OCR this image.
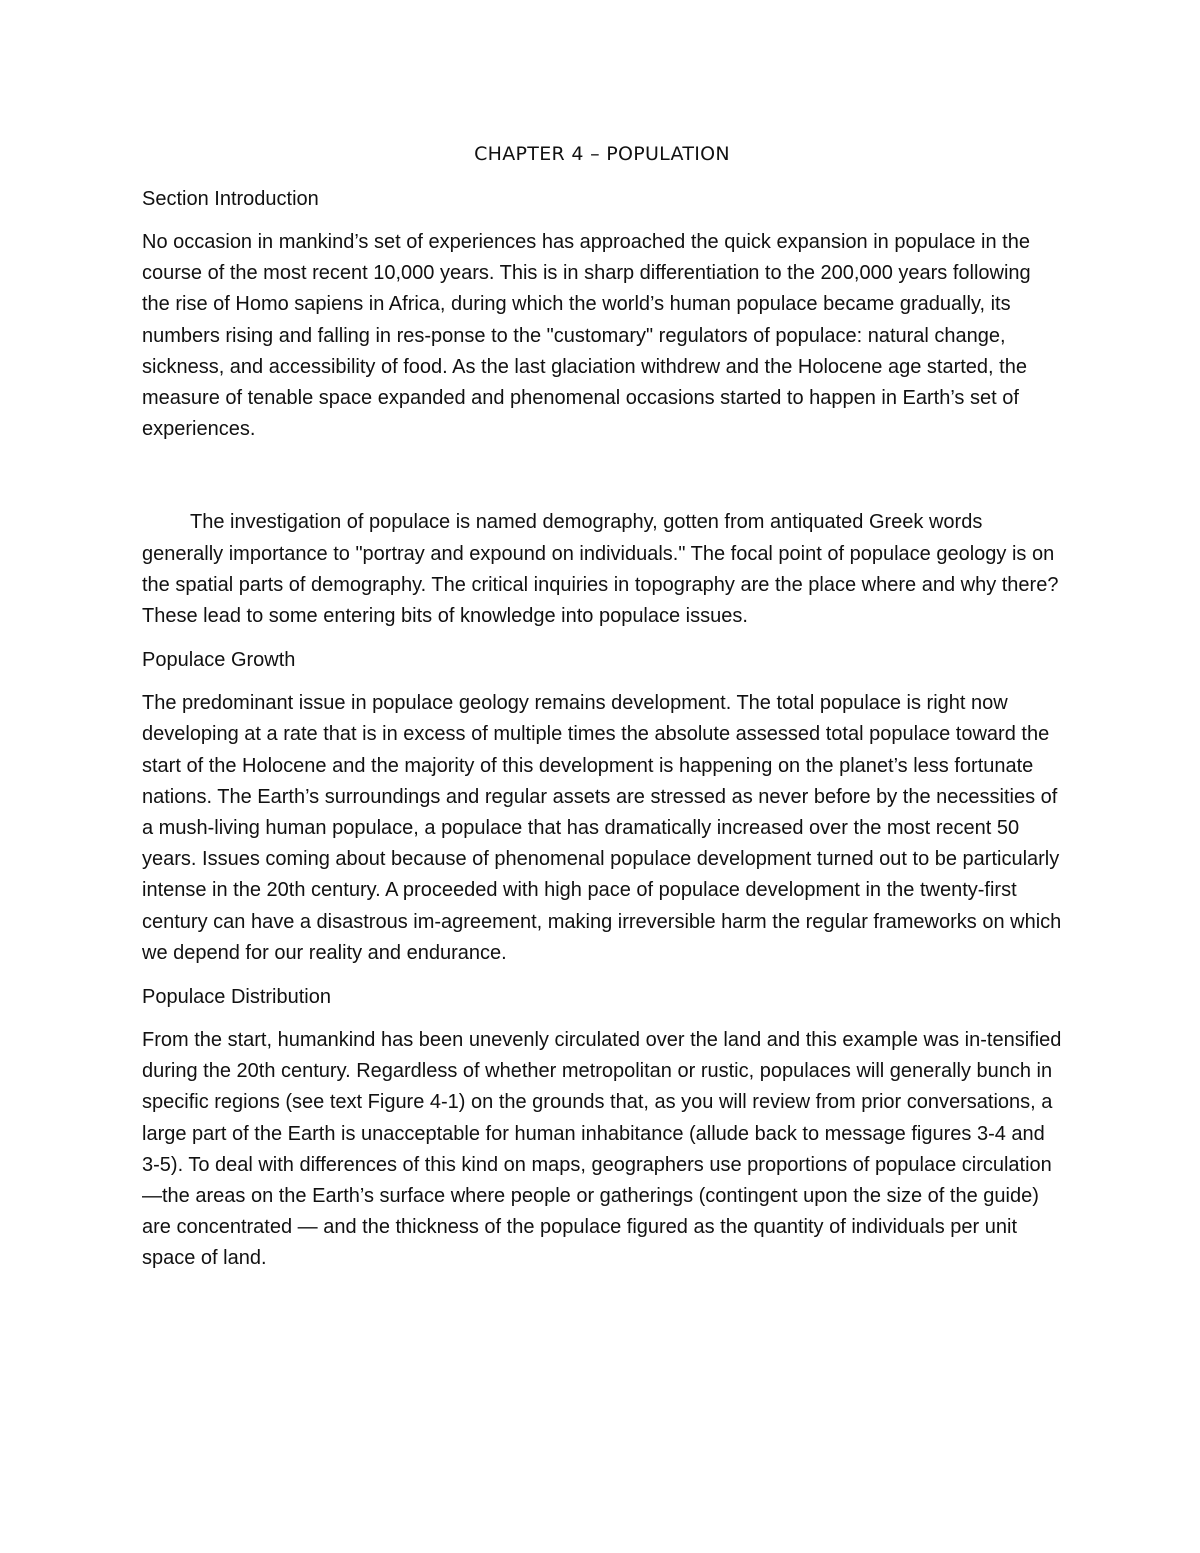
CHAPTER 4 – POPULATION
Section Introduction

No occasion in mankind’s set of experiences has approached the quick expansion in populace in the course of the most recent 10,000 years. This is in sharp differentiation to the 200,000 years following the rise of Homo sapiens in Africa, during which the world’s human populace became gradually, its numbers rising and falling in res-ponse to the "customary" regulators of populace: natural change, sickness, and accessibility of food. As the last glaciation withdrew and the Holocene age started, the measure of tenable space expanded and phenomenal occasions started to happen in Earth’s set of experiences.

The investigation of populace is named demography, gotten from antiquated Greek words generally importance to "portray and expound on individuals." The focal point of populace geology is on the spatial parts of demography. The critical inquiries in topography are the place where and why there? These lead to some entering bits of knowledge into populace issues.

Populace Growth

The predominant issue in populace geology remains development. The total populace is right now developing at a rate that is in excess of multiple times the absolute assessed total populace toward the start of the Holocene and the majority of this development is happening on the planet’s less fortunate nations. The Earth’s surroundings and regular assets are stressed as never before by the necessities of a mush-living human populace, a populace that has dramatically increased over the most recent 50 years. Issues coming about because of phenomenal populace development turned out to be particularly intense in the 20th century. A proceeded with high pace of populace development in the twenty-first century can have a disastrous im-agreement, making irreversible harm the regular frameworks on which we depend for our reality and endurance.

Populace Distribution

From the start, humankind has been unevenly circulated over the land and this example was in-tensified during the 20th century. Regardless of whether metropolitan or rustic, populaces will generally bunch in specific regions (see text Figure 4-1) on the grounds that, as you will review from prior conversations, a large part of the Earth is unacceptable for human inhabitance (allude back to message figures 3-4 and 3-5). To deal with differences of this kind on maps, geographers use proportions of populace circulation—the areas on the Earth’s surface where people or gatherings (contingent upon the size of the guide) are concentrated — and the thickness of the populace figured as the quantity of individuals per unit space of land.
